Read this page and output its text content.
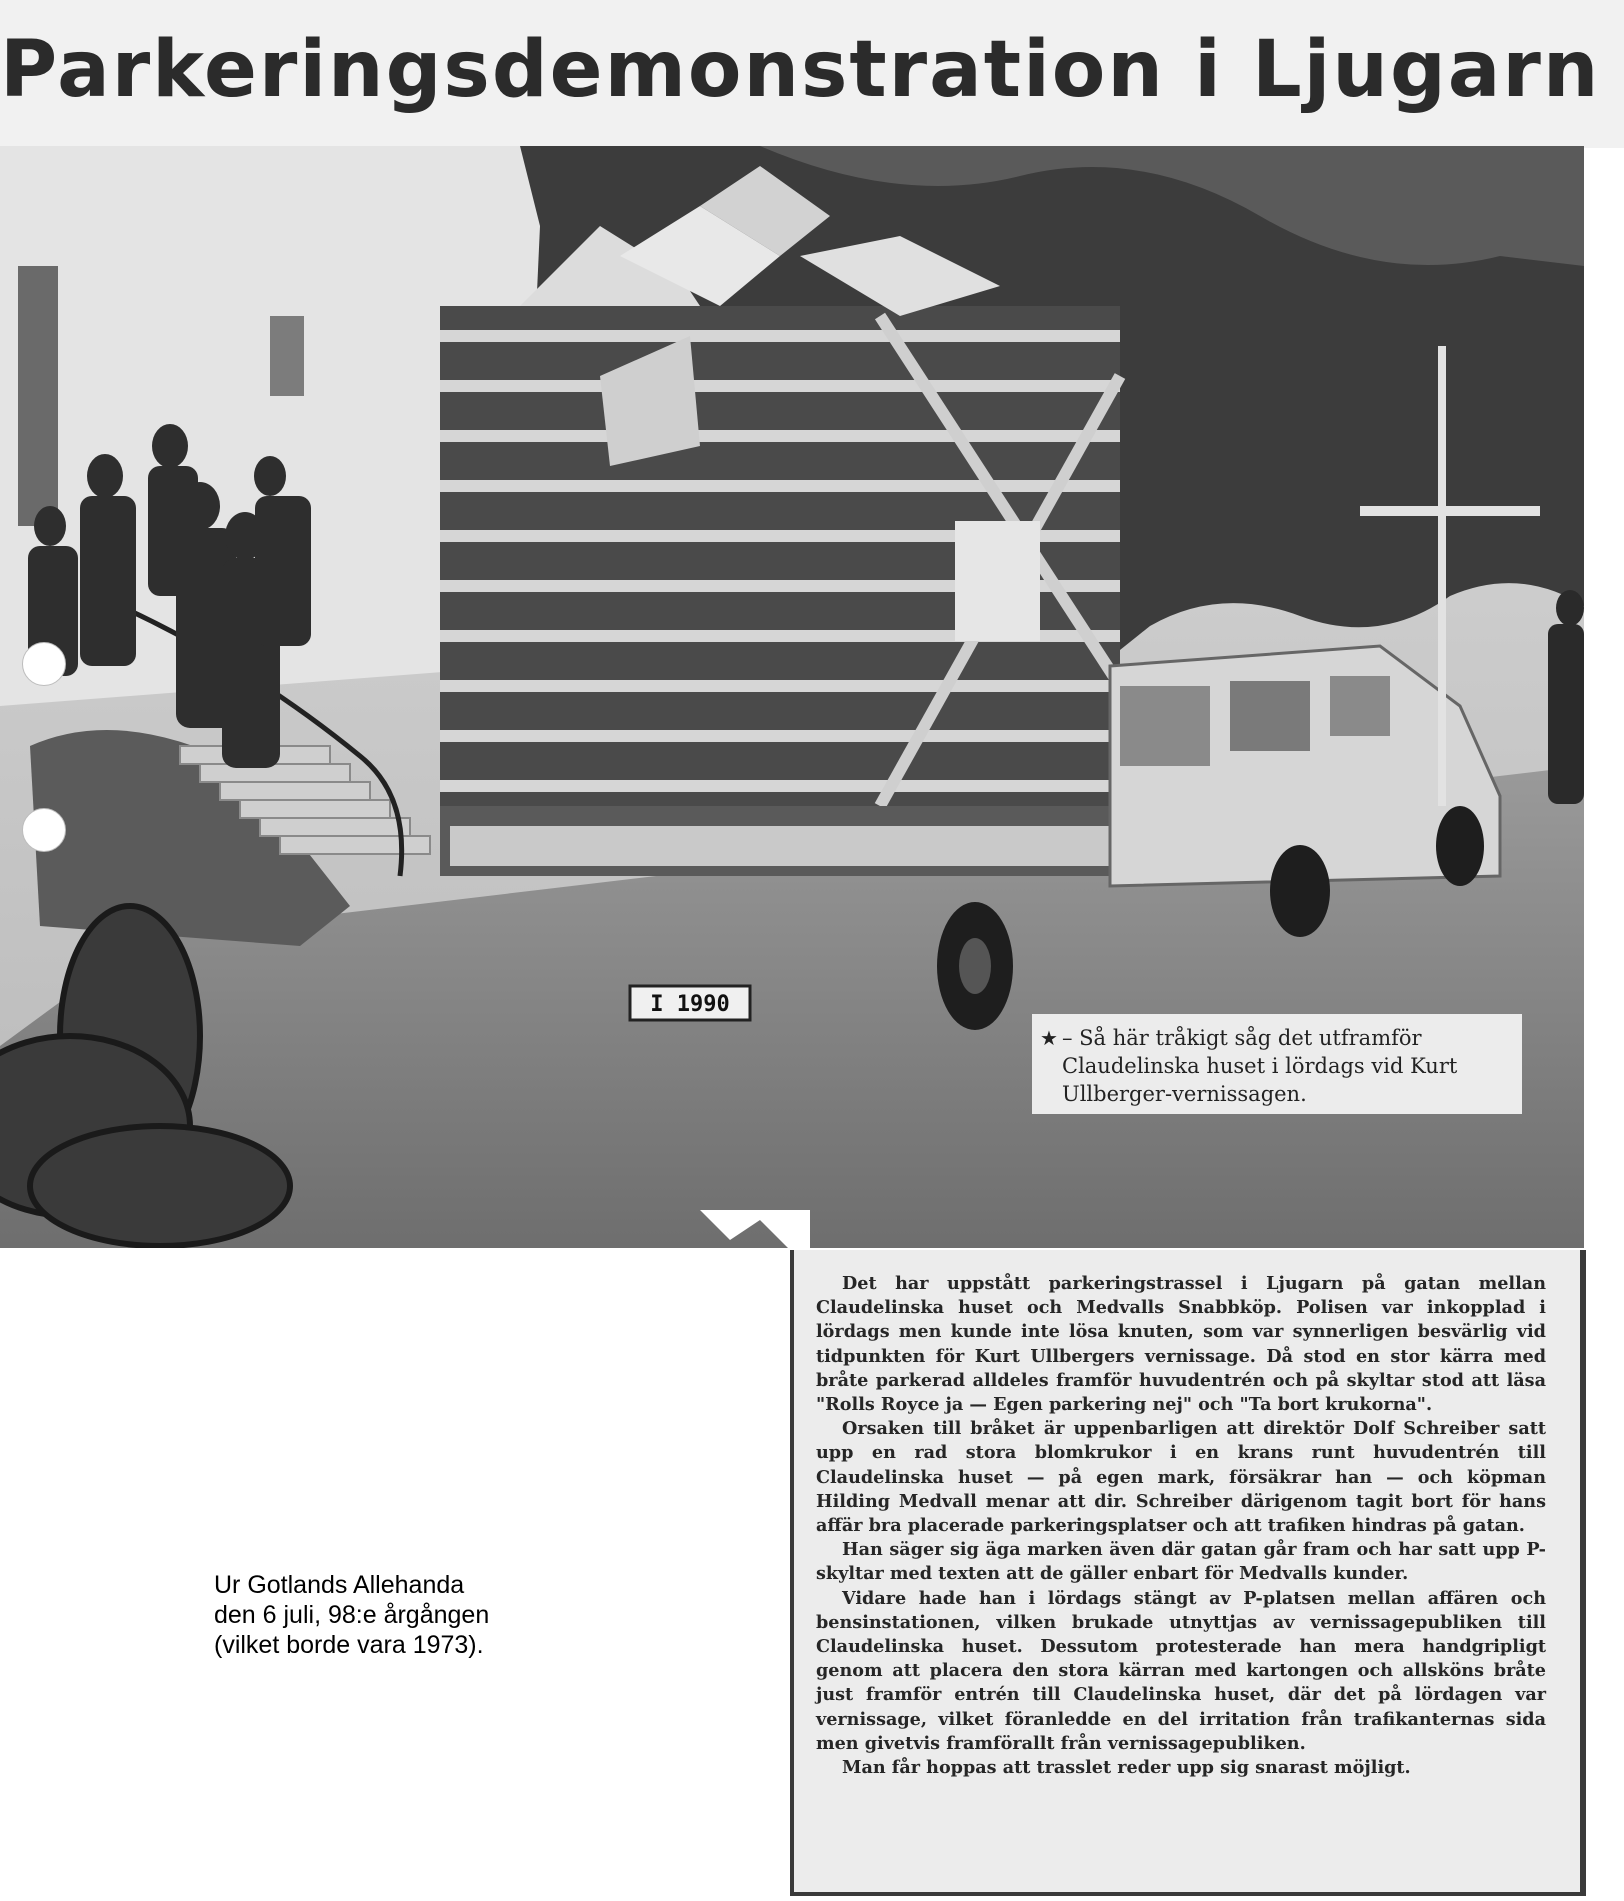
Parkeringsdemonstration i Ljugarn
I 1990
★ – Så här tråkigt såg det utframför Claudelinska huset i lördags vid Kurt Ullberger-vernissagen.

Det har uppstått parkeringstrassel i Ljugarn på gatan mellan Claudelinska huset och Medvalls Snabbköp. Polisen var inkopplad i lördags men kunde inte lösa knuten, som var synnerligen besvärlig vid tidpunkten för Kurt Ullbergers vernissage. Då stod en stor kärra med bråte parkerad alldeles framför huvudentrén och på skyltar stod att läsa "Rolls Royce ja — Egen parkering nej" och "Ta bort krukorna".

Orsaken till bråket är uppenbarligen att direktör Dolf Schreiber satt upp en rad stora blomkrukor i en krans runt huvudentrén till Claudelinska huset — på egen mark, försäkrar han — och köpman Hilding Medvall menar att dir. Schreiber därigenom tagit bort för hans affär bra placerade parkeringsplatser och att trafiken hindras på gatan.

Han säger sig äga marken även där gatan går fram och har satt upp P-skyltar med texten att de gäller enbart för Medvalls kunder.

Vidare hade han i lördags stängt av P-platsen mellan affären och bensinstationen, vilken brukade utnyttjas av vernissagepubliken till Claudelinska huset. Dessutom protesterade han mera handgripligt genom att placera den stora kärran med kartongen och allsköns bråte just framför entrén till Claudelinska huset, där det på lördagen var vernissage, vilket föranledde en del irritation från trafikanternas sida men givetvis framförallt från vernissagepubliken.

Man får hoppas att trasslet reder upp sig snarast möjligt.

Ur Gotlands Allehanda
den 6 juli, 98:e årgången
(vilket borde vara 1973).
